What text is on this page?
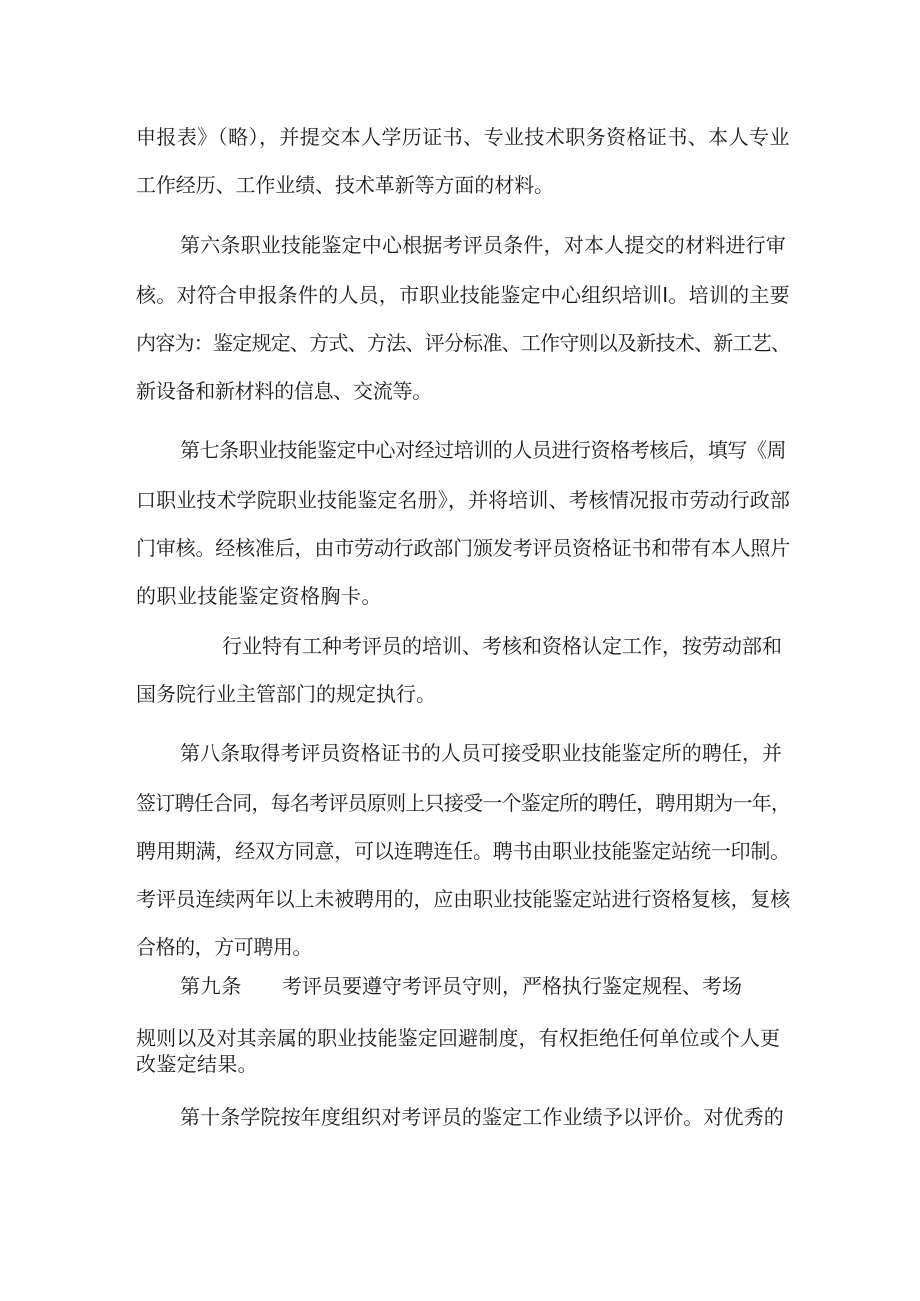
申报表》（略），并提交本人学历证书、专业技术职务资格证书、本人专业
工作经历、工作业绩、技术革新等方面的材料。
第六条职业技能鉴定中心根据考评员条件，对本人提交的材料进行审
核。对符合申报条件的人员，市职业技能鉴定中心组织培训I。培训的主要
内容为：鉴定规定、方式、方法、评分标准、工作守则以及新技术、新工艺、
新设备和新材料的信息、交流等。
第七条职业技能鉴定中心对经过培训的人员进行资格考核后，填写《周
口职业技术学院职业技能鉴定名册》，并将培训、考核情况报市劳动行政部
门审核。经核准后，由市劳动行政部门颁发考评员资格证书和带有本人照片
的职业技能鉴定资格胸卡。
行业特有工种考评员的培训、考核和资格认定工作，按劳动部和
国务院行业主管部门的规定执行。
第八条取得考评员资格证书的人员可接受职业技能鉴定所的聘任，并
签订聘任合同，每名考评员原则上只接受一个鉴定所的聘任，聘用期为一年，
聘用期满，经双方同意，可以连聘连任。聘书由职业技能鉴定站统一印制。
考评员连续两年以上未被聘用的，应由职业技能鉴定站进行资格复核，复核
合格的，方可聘用。
第九条 考评员要遵守考评员守则，严格执行鉴定规程、考场
规则以及对其亲属的职业技能鉴定回避制度，有权拒绝任何单位或个人更
改鉴定结果。
第十条学院按年度组织对考评员的鉴定工作业绩予以评价。对优秀的
